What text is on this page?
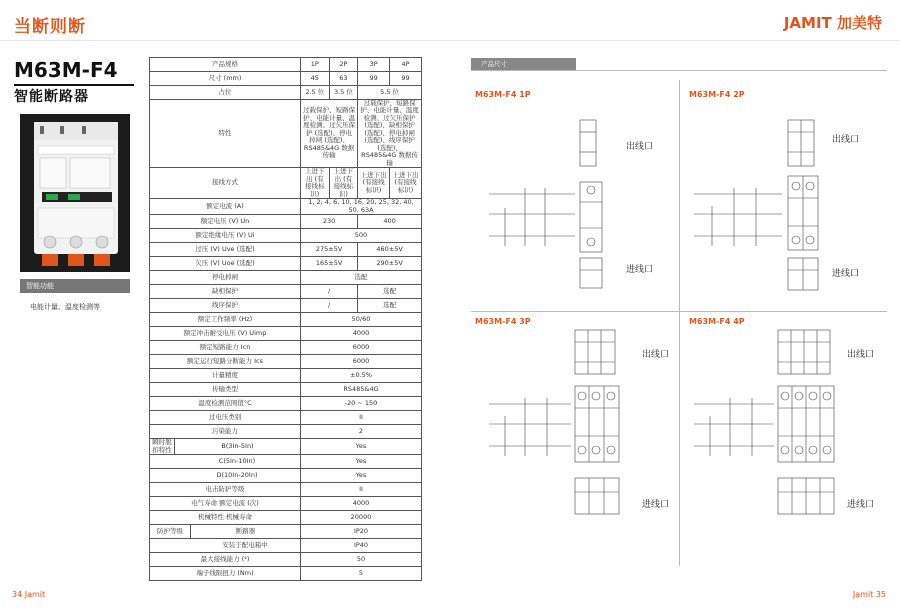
当断则断	JAMIT 加美特
M63M-F4
智能断路器
智能功能
电能计量、温度检测等
产品规格	1P	2P	3P	4P
尺寸 (mm)	45	63	99	99
占位	2.5 位	3.5 位	5.5 位	
特性	过载保护、短路保护、电能计量、温度检测、过欠压保护 (选配)、停电掉闸 (选配)、RS485&4G 数据传输		过载保护、短路保护、电能计量、温度检测、过欠压保护 (选配)、缺相保护 (选配)、停电掉闸 (选配)、线序保护 (选配)、RS485&4G 数据传输	
接线方式	上进下出 (有接线标识)	上进下出 (有接线标识)	上进下出 (有接线标识)	上进下出 (有接线标识)
额定电流 (A)	1, 2, 4, 6, 10, 16, 20, 25, 32, 40, 50, 63A			
额定电压 (V) Un	230		400	
额定绝缘电压 (V) Ui	500			
过压 (V) Uve (选配)	275±5V		460±5V	
欠压 (V) Uoe (选配)	165±5V		290±5V	
停电掉闸	选配			
缺相保护	/		选配	
线序保护	/		选配	
额定工作频率 (Hz)	50/60			
额定冲击耐受电压 (V) Uimp	4000			
额定短路能力 Icn	6000			
额定运行短路分断能力 Ics	6000			
计量精度	±0.5%			
传输类型	RS485&4G			
温度检测范围值°C	-20 ~ 150			
过电压类别	II			
污染能力	2			

瞬时脱扣特性 B(3In-5In)	Yes			
C(5In-10In)	Yes			
D(10In-20In)	Yes			
电击防护等级	II			
电气寿命 额定电流 (次)	4000			
机械特性 机械寿命	20000			

防护等级 断路器	IP20			
安装于配电箱中	IP40			
最大接线能力 (²)	50			
端子线限扭力 (Nm)	5			
产品尺寸
M63M-F4 1P
出线口
进线口
M63M-F4 2P
出线口
进线口
M63M-F4 3P
出线口
进线口
M63M-F4 4P
出线口
进线口
34 Jamit	Jamit 35
